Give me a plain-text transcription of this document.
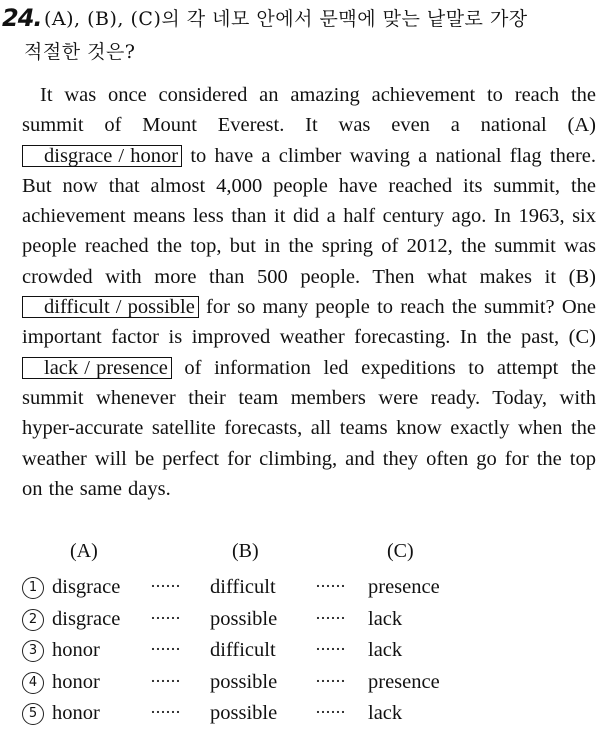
24. (A), (B), (C)의 각 네모 안에서 문맥에 맞는 낱말로 가장
적절한 것은?

It was once considered an amazing achievement to reach the summit of Mount Everest. It was even a national (A)disgrace / honor to have a climber waving a national flag there. But now that almost 4,000 people have reached its summit, the achievement means less than it did a half century ago. In 1963, six people reached the top, but in the spring of 2012, the summit was crowded with more than 500 people. Then what makes it (B)difficult / possible for so many people to reach the summit? One important factor is improved weather forecasting. In the past, (C)lack / presence of information led expeditions to attempt the summit whenever their team members were ready. Today, with hyper-accurate satellite forecasts, all teams know exactly when the weather will be perfect for climbing, and they often go for the top on the same days.

(A)	(B)	(C)
1 disgrace ······ difficult ······ presence
2 disgrace ······ possible ······ lack
3 honor	······ difficult ······ lack
4 honor	······ possible ······ presence
5 honor	······ possible ······ lack
